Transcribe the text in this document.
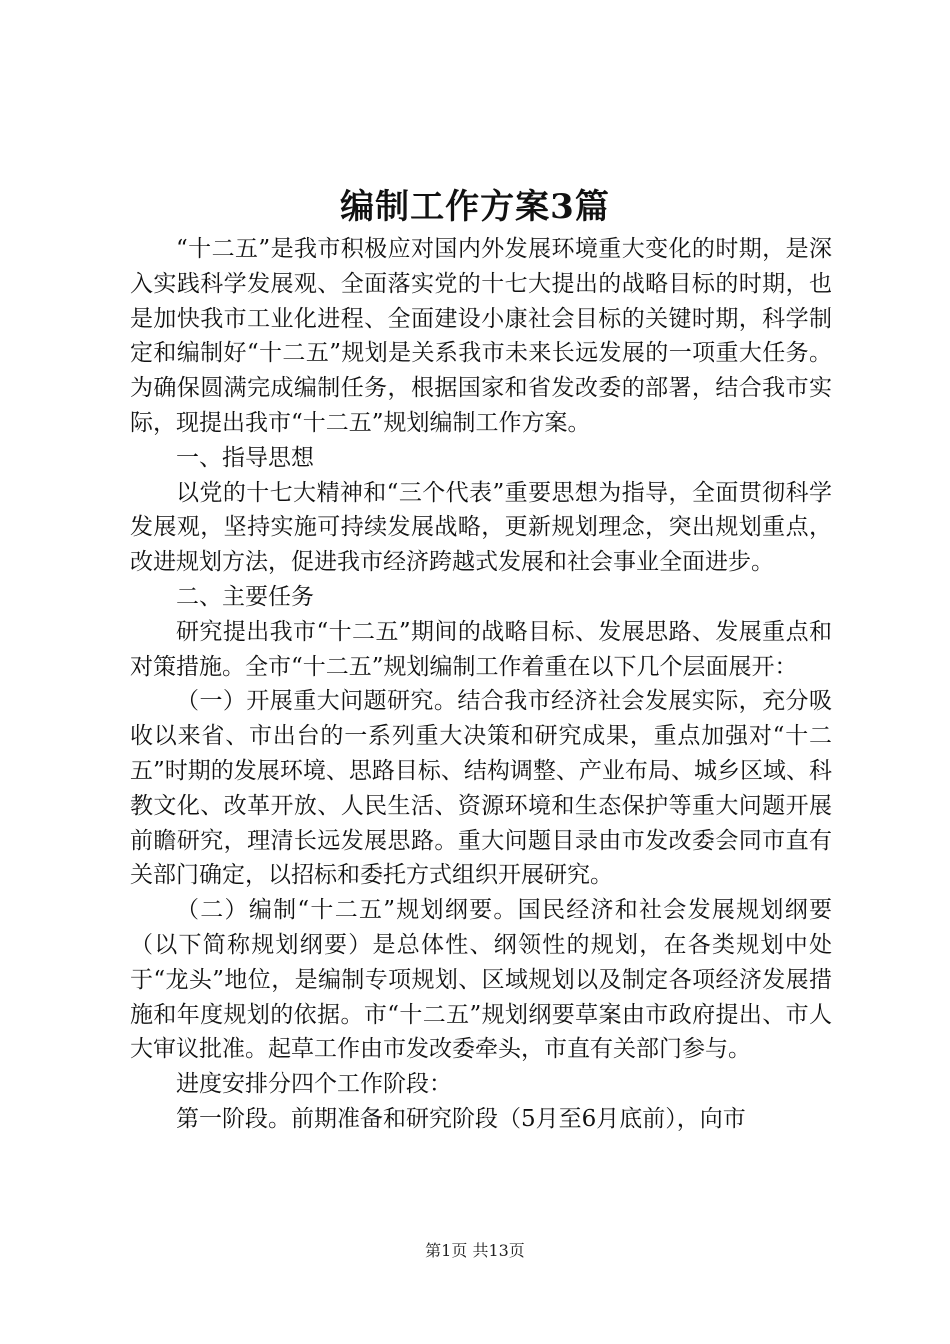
编制工作方案3篇

“十二五”是我市积极应对国内外发展环境重大变化的时期，是深入实践科学发展观、全面落实党的十七大提出的战略目标的时期，也是加快我市工业化进程、全面建设小康社会目标的关键时期，科学制定和编制好“十二五”规划是关系我市未来长远发展的一项重大任务。为确保圆满完成编制任务，根据国家和省发改委的部署，结合我市实际，现提出我市“十二五”规划编制工作方案。

一、指导思想

以党的十七大精神和“三个代表”重要思想为指导，全面贯彻科学发展观，坚持实施可持续发展战略，更新规划理念，突出规划重点，改进规划方法，促进我市经济跨越式发展和社会事业全面进步。

二、主要任务

研究提出我市“十二五”期间的战略目标、发展思路、发展重点和对策措施。全市“十二五”规划编制工作着重在以下几个层面展开：

（一）开展重大问题研究。结合我市经济社会发展实际，充分吸收以来省、市出台的一系列重大决策和研究成果，重点加强对“十二五”时期的发展环境、思路目标、结构调整、产业布局、城乡区域、科教文化、改革开放、人民生活、资源环境和生态保护等重大问题开展前瞻研究，理清长远发展思路。重大问题目录由市发改委会同市直有关部门确定，以招标和委托方式组织开展研究。

（二）编制“十二五”规划纲要。国民经济和社会发展规划纲要（以下简称规划纲要）是总体性、纲领性的规划，在各类规划中处于“龙头”地位，是编制专项规划、区域规划以及制定各项经济发展措施和年度规划的依据。市“十二五”规划纲要草案由市政府提出、市人大审议批准。起草工作由市发改委牵头，市直有关部门参与。

进度安排分四个工作阶段：

第一阶段。前期准备和研究阶段（5月至6月底前），向市

第1页 共13页
